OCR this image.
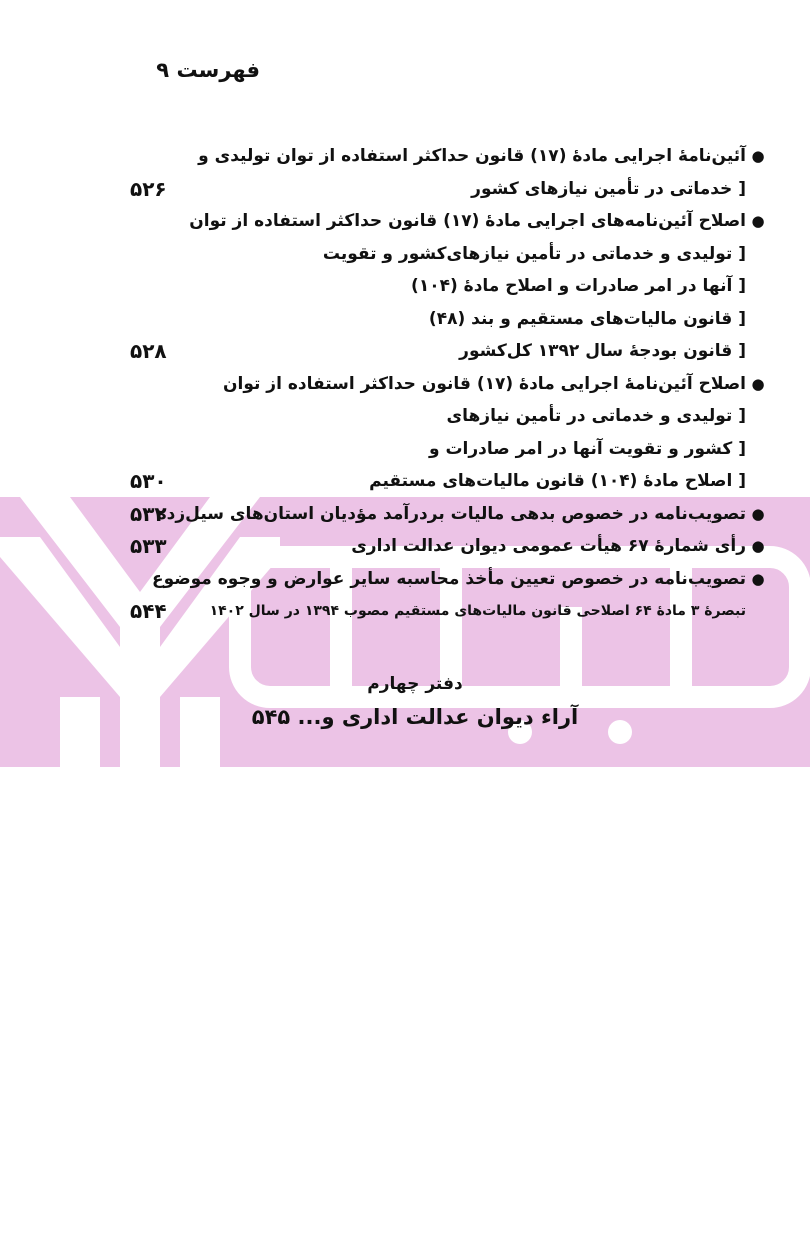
فهرست ۹
●آئین‌نامهٔ اجرایی مادهٔ (۱۷) قانون حداکثر استفاده از توان تولیدی و
[ خدماتی در تأمین نیازهای کشور
۵۲۶
●اصلاح آئین‌نامه‌های اجرایی مادهٔ (۱۷) قانون حداکثر استفاده از توان
[ تولیدی و خدماتی در تأمین نیازهای‌کشور و تقویت
[ آنها در امر صادرات و اصلاح مادهٔ (۱۰۴)
[ قانون مالیات‌های مستقیم و بند (۴۸)
[ قانون بودجهٔ سال ۱۳۹۲ کل‌کشور
۵۲۸
●اصلاح آئین‌نامهٔ اجرایی مادهٔ (۱۷) قانون حداکثر استفاده از توان
[ تولیدی و خدماتی در تأمین نیازهای
[ کشور و تقویت آنها در امر صادرات و
[ اصلاح مادهٔ (۱۰۴) قانون مالیات‌های مستقیم
۵۳۰
●تصویب‌نامه در خصوص بدهی مالیات بردرآمد مؤدیان استان‌های سیل‌زده
۵۳۲
●رأی شمارهٔ ۶۷ هیأت عمومی دیوان عدالت اداری
۵۳۳
●تصویب‌نامه در خصوص تعیین مأخذ محاسبه سایر عوارض و وجوه موضوع
تبصرهٔ ۳ مادهٔ ۶۴ اصلاحی قانون مالیات‌های مستقیم مصوب ۱۳۹۴ در سال ۱۴۰۲
۵۴۴
دفتر چهارم
آراء دیوان عدالت اداری و... ۵۴۵
